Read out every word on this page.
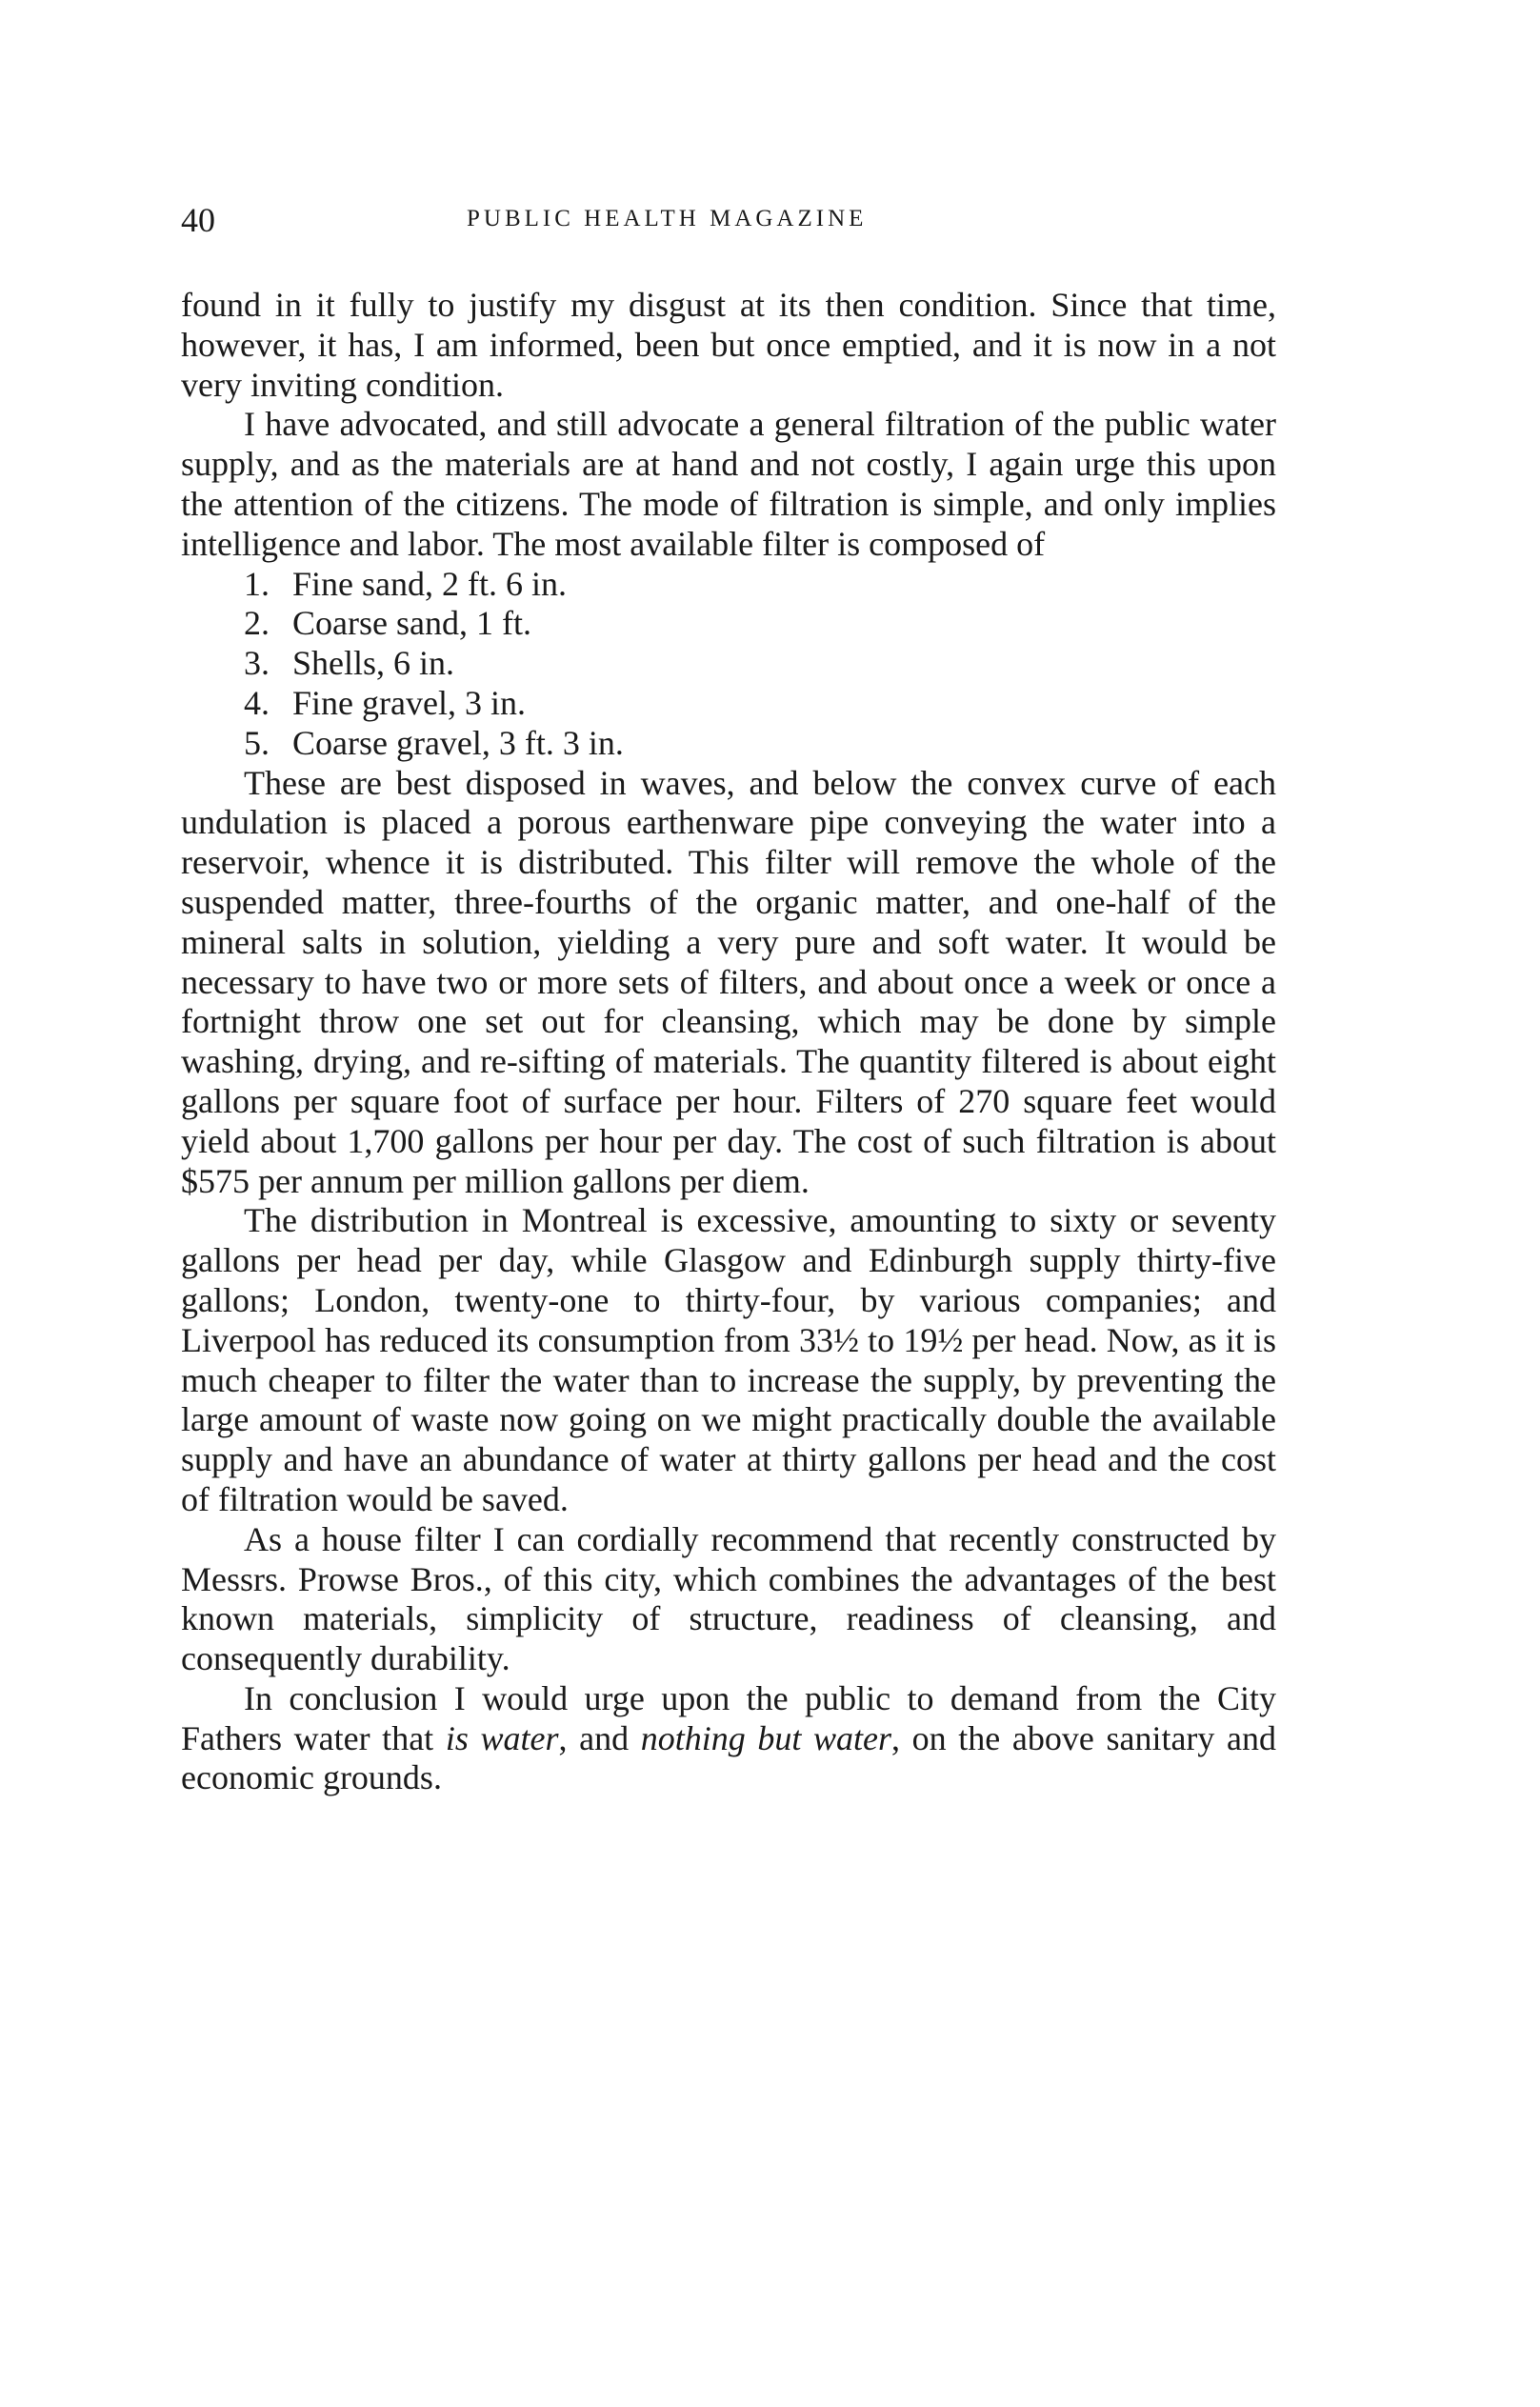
40	PUBLIC HEALTH MAGAZINE

found in it fully to justify my disgust at its then condition. Since that time, however, it has, I am informed, been but once emptied, and it is now in a not very inviting condition.

I have advocated, and still advocate a general filtration of the public water supply, and as the materials are at hand and not costly, I again urge this upon the attention of the citizens. The mode of filtration is simple, and only implies intelligence and labor. The most available filter is composed of

1. Fine sand, 2 ft. 6 in.
2. Coarse sand, 1 ft.
3. Shells, 6 in.
4. Fine gravel, 3 in.
5. Coarse gravel, 3 ft. 3 in.

These are best disposed in waves, and below the convex curve of each undulation is placed a porous earthenware pipe conveying the water into a reservoir, whence it is distributed. This filter will remove the whole of the suspended matter, three-fourths of the organic matter, and one-half of the mineral salts in solution, yielding a very pure and soft water. It would be necessary to have two or more sets of filters, and about once a week or once a fortnight throw one set out for cleansing, which may be done by simple washing, drying, and re-sifting of materials. The quantity filtered is about eight gallons per square foot of surface per hour. Filters of 270 square feet would yield about 1,700 gallons per hour per day. The cost of such filtration is about $575 per annum per million gallons per diem.

The distribution in Montreal is excessive, amounting to sixty or seventy gallons per head per day, while Glasgow and Edinburgh supply thirty-five gallons; London, twenty-one to thirty-four, by various companies; and Liverpool has reduced its consumption from 33½ to 19½ per head. Now, as it is much cheaper to filter the water than to increase the supply, by preventing the large amount of waste now going on we might practically double the available supply and have an abundance of water at thirty gallons per head and the cost of filtration would be saved.

As a house filter I can cordially recommend that recently constructed by Messrs. Prowse Bros., of this city, which combines the advantages of the best known materials, simplicity of structure, readiness of cleansing, and consequently durability.

In conclusion I would urge upon the public to demand from the City Fathers water that is water, and nothing but water, on the above sanitary and economic grounds.
